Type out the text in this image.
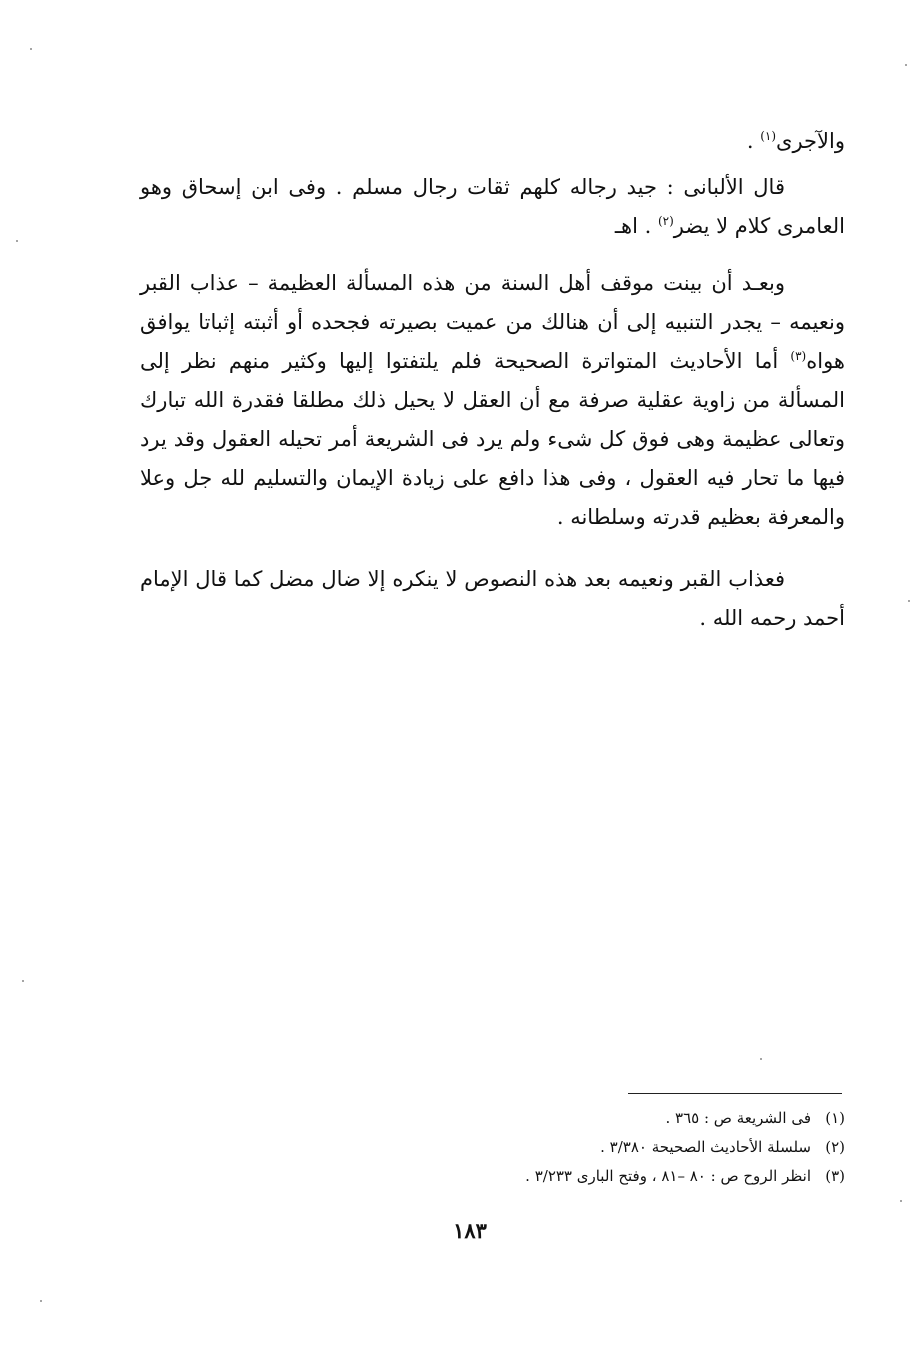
والآجرى$^{(١)}$ .

قال الألبانى : جيد رجاله كلهم ثقات رجال مسلم . وفى ابن إسحاق وهو العامرى كلام لا يضر$^{(٢)}$ . اهـ

وبعـد أن بينت موقف أهل السنة من هذه المسألة العظيمة – عذاب القبر ونعيمه – يجدر التنبيه إلى أن هنالك من عميت بصيرته فجحده أو أثبته إثباتا يوافق هواه$^{(٣)}$ أما الأحاديث المتواترة الصحيحة فلم يلتفتوا إليها وكثير منهم نظر إلى المسألة من زاوية عقلية صرفة مع أن العقل لا يحيل ذلك مطلقا فقدرة الله تبارك وتعالى عظيمة وهى فوق كل شىء ولم يرد فى الشريعة أمر تحيله العقول وقد يرد فيها ما تحار فيه العقول ، وفى هذا دافع على زيادة الإيمان والتسليم لله جل وعلا والمعرفة بعظيم قدرته وسلطانه .

فعذاب القبر ونعيمه بعد هذه النصوص لا ينكره إلا ضال مضل كما قال الإمام أحمد رحمه الله .

(١)فى الشريعة ص : ٣٦٥ .
(٢)سلسلة الأحاديث الصحيحة ٣/٣٨٠ .
(٣)انظر الروح ص : ٨٠ –٨١ ، وفتح البارى ٣/٢٣٣ .
١٨٣
